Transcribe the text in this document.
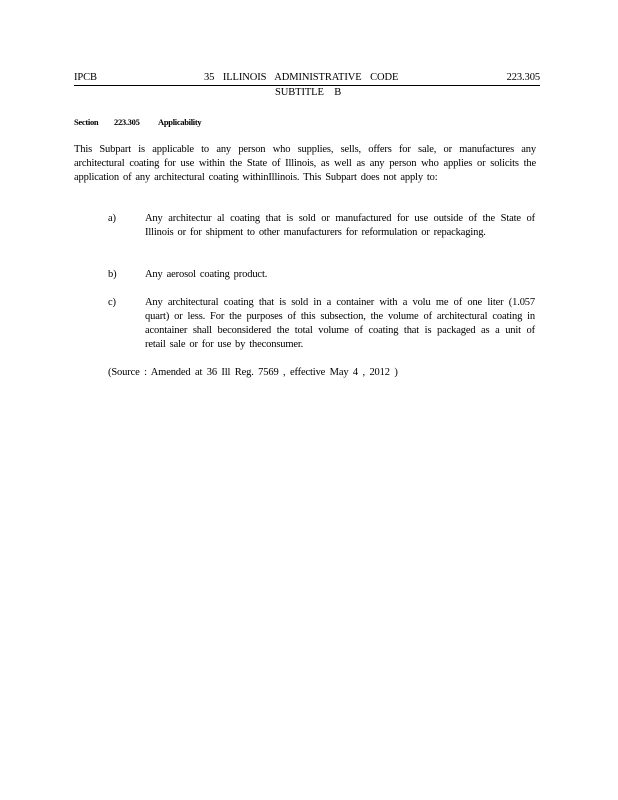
IPCB	35 ILLINOIS ADMINISTRATIVE CODE	223.305
SUBTITLE B
Section 223.305 Applicability
This Subpart is applicable to any person who supplies, sells, offers for sale, or manufactures any architectural coating for use within the State of Illinois, as well as any person who applies or solicits the application of any architectural coating withinIllinois. This Subpart does not apply to:
a)	Any architectur al coating that is sold or manufactured for use outside of the State of Illinois or for shipment to other manufacturers for reformulation or repackaging.
b)	Any aerosol coating product.
c)	Any architectural coating that is sold in a container with a volu me of one liter (1.057 quart) or less. For the purposes of this subsection, the volume of architectural coating in acontainer shall beconsidered the total volume of coating that is packaged as a unit of retail sale or for use by theconsumer.
(Source : Amended at 36 Ill Reg. 7569 , effective May 4 , 2012 )
